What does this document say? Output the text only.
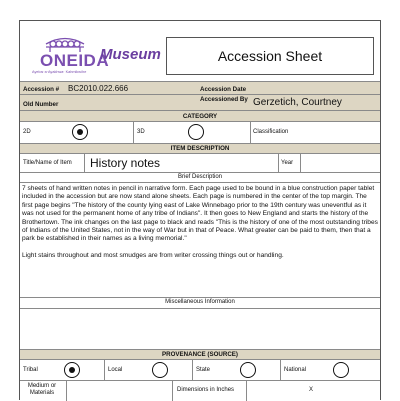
ONEIDA
Ayelos·a·Ayakhwa· Kahmikwíhe
Museum	Accession Sheet
Accession # BC2010.022.666	Accession Date
Old Number
Accessioned By Gerzetich, Courtney
CATEGORY
2D	3D	Classification
ITEM DESCRIPTION
Title/Name of Item History notes	Year
Brief Description
7 sheets of hand written notes in pencil in narrative form. Each page used to be bound in a blue construction paper tablet included in the accession but are now stand alone sheets. Each page is numbered in the center of the top margin. The first page begins "The history of the county lying east of Lake Winnebago prior to the 19th century was uneventful as it was not used for the permanent home of any tribe of Indians". It then goes to New England and starts the history of the Brothertown. The ink changes on the last page to black and reads "This is the history of one of the most outstanding tribes of Indians of the United States, not in the way of War but in that of Peace. What greater can be paid to them, then that a park be established in their names as a living memorial."
Light stains throughout and most smudges are from writer crossing things out or handling.
Miscellaneous Information
PROVENANCE (SOURCE)
Tribal	Local	State	National
Medium or Materials	Dimensions in Inches	X
